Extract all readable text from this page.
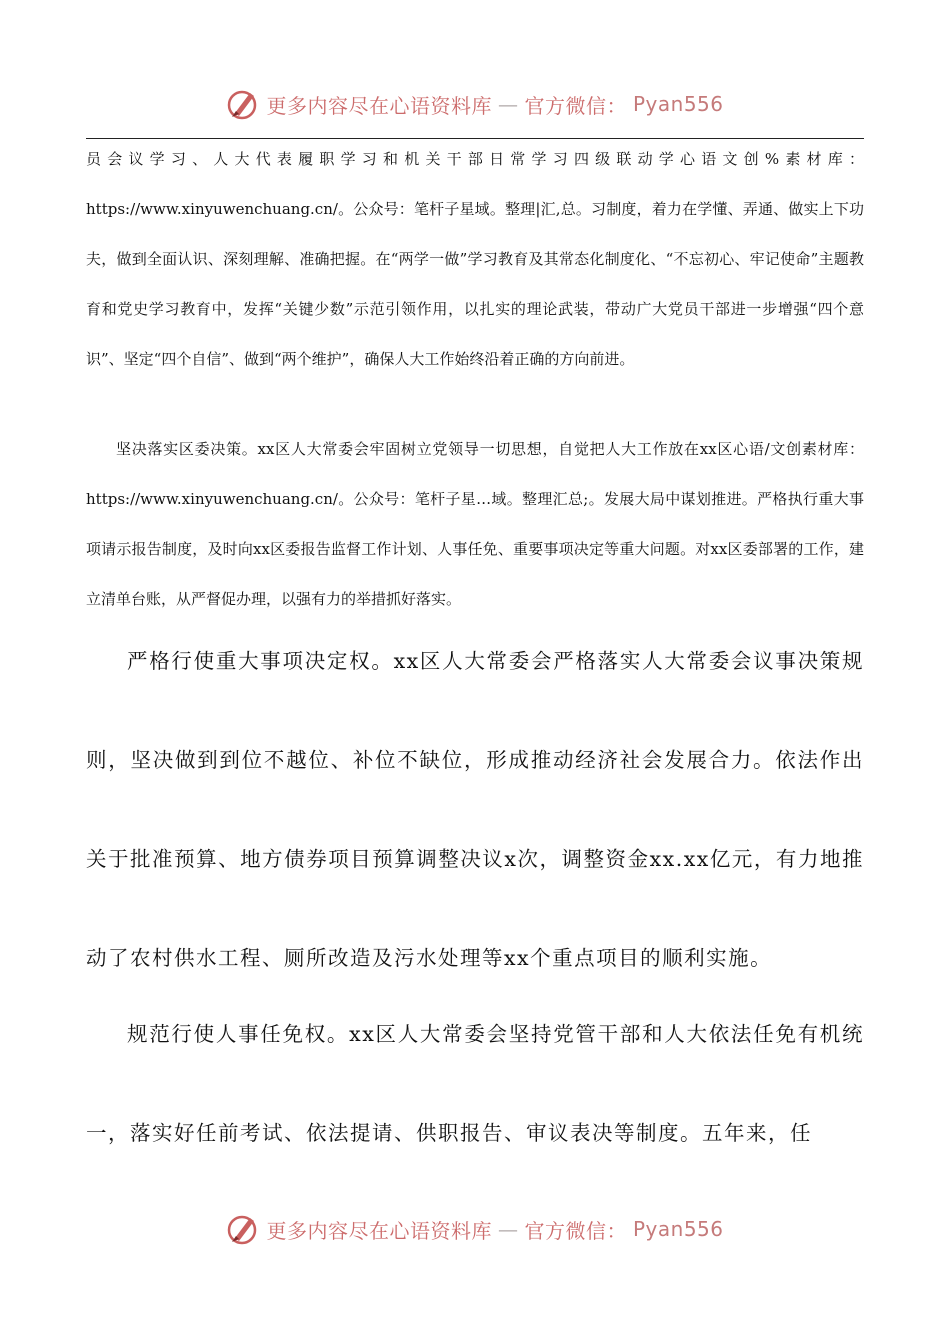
更多内容尽在心语资料库 — 官方微信： Pyan556

员会议学习、人大代表履职学习和机关干部日常学习四级联动学心语文创%素材库：https://www.xinyuwenchuang.cn/。公众号：笔杆子星域。整理|汇,总。习制度，着力在学懂、弄通、做实上下功夫，做到全面认识、深刻理解、准确把握。在“两学一做”学习教育及其常态化制度化、“不忘初心、牢记使命”主题教育和党史学习教育中，发挥“关键少数”示范引领作用，以扎实的理论武装，带动广大党员干部进一步增强“四个意识”、坚定“四个自信”、做到“两个维护”，确保人大工作始终沿着正确的方向前进。

坚决落实区委决策。xx区人大常委会牢固树立党领导一切思想，自觉把人大工作放在xx区心语/文创素材库：https://www.xinyuwenchuang.cn/。公众号：笔杆子星…域。整理汇总;。发展大局中谋划推进。严格执行重大事项请示报告制度，及时向xx区委报告监督工作计划、人事任免、重要事项决定等重大问题。对xx区委部署的工作，建立清单台账，从严督促办理，以强有力的举措抓好落实。

严格行使重大事项决定权。xx区人大常委会严格落实人大常委会议事决策规则，坚决做到到位不越位、补位不缺位，形成推动经济社会发展合力。依法作出关于批准预算、地方债券项目预算调整决议x次，调整资金xx.xx亿元，有力地推动了农村供水工程、厕所改造及污水处理等xx个重点项目的顺利实施。

规范行使人事任免权。xx区人大常委会坚持党管干部和人大依法任免有机统一，落实好任前考试、依法提请、供职报告、审议表决等制度。五年来，任

更多内容尽在心语资料库 — 官方微信： Pyan556
